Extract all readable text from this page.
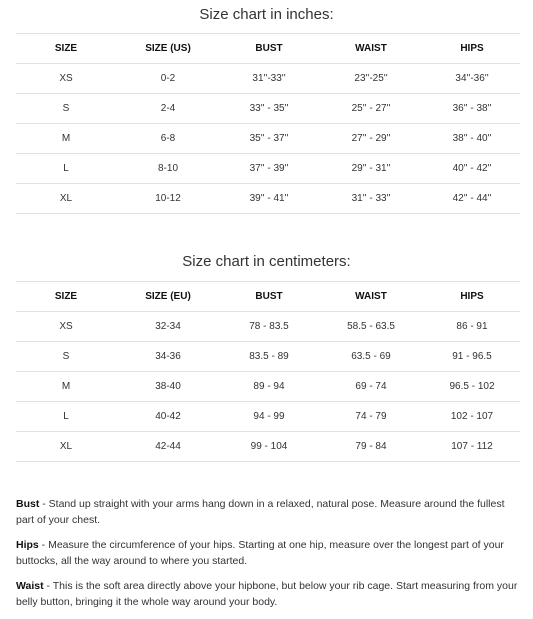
Size chart in inches:
SIZE	SIZE (US)	BUST	WAIST	HIPS
XS	0-2	31''-33''	23''-25''	34''-36''
S	2-4	33'' - 35''	25'' - 27''	36'' - 38''
M	6-8	35'' - 37''	27'' - 29''	38'' - 40''
L	8-10	37'' - 39''	29'' - 31''	40'' - 42''
XL	10-12	39'' - 41''	31'' - 33''	42'' - 44''
Size chart in centimeters:
SIZE	SIZE (EU)	BUST	WAIST	HIPS
XS	32-34	78 - 83.5	58.5 - 63.5	86 - 91
S	34-36	83.5 - 89	63.5 - 69	91 - 96.5
M	38-40	89 - 94	69 - 74	96.5 - 102
L	40-42	94 - 99	74 - 79	102 - 107
XL	42-44	99 - 104	79 - 84	107 - 112

Bust - Stand up straight with your arms hang down in a relaxed, natural pose. Measure around the fullest part of your chest.

Hips - Measure the circumference of your hips. Starting at one hip, measure over the longest part of your buttocks, all the way around to where you started.

Waist - This is the soft area directly above your hipbone, but below your rib cage. Start measuring from your belly button, bringing it the whole way around your body.
